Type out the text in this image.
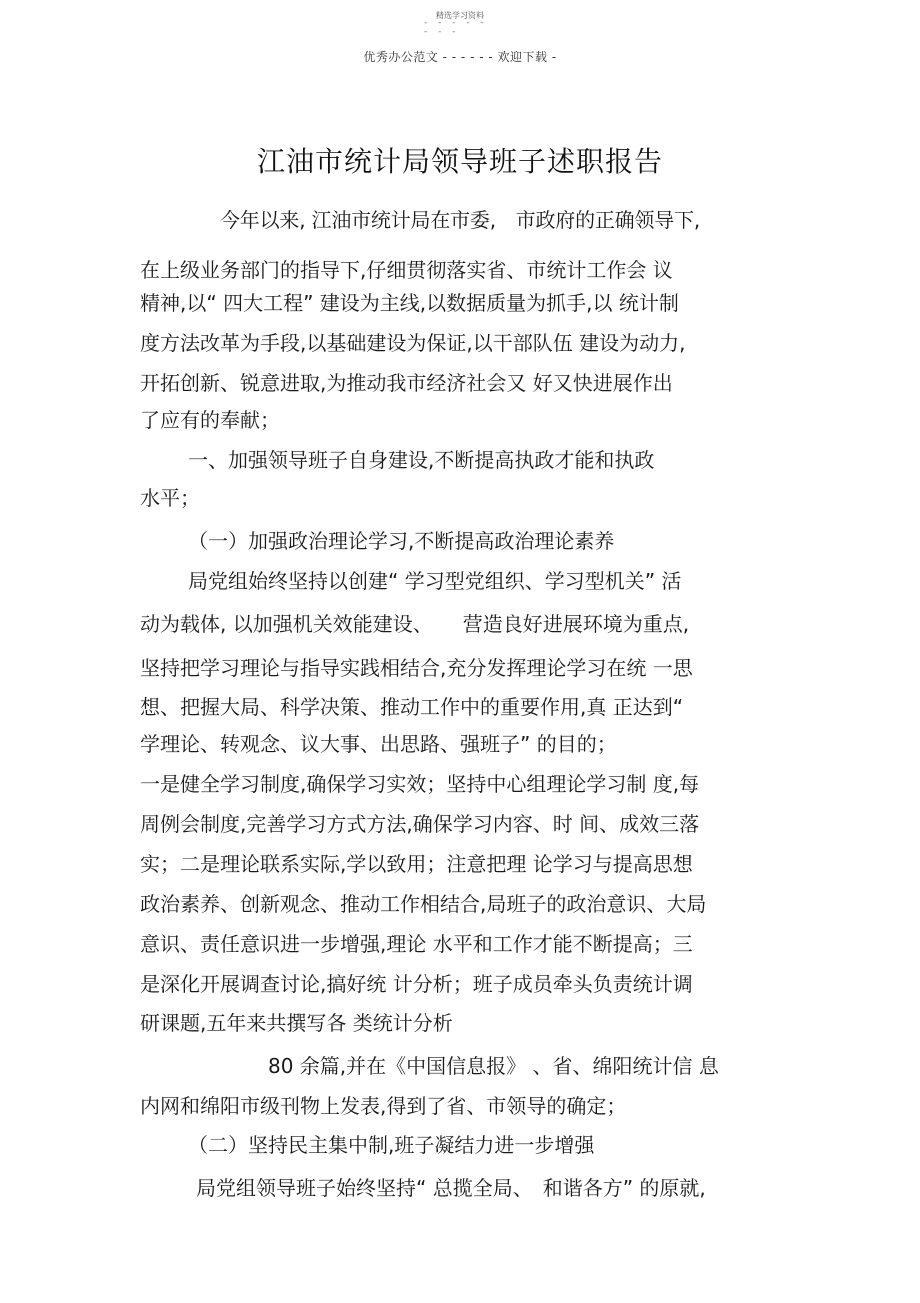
精选学习资料
- - - - -
- - -
优秀办公范文 - - - - - - 欢迎下载 -
江油市统计局领导班子述职报告
今年以来, 江油市统计局在市委,　市政府的正确领导下,
在上级业务部门的指导下,仔细贯彻落实省、市统计工作会 议
精神,以“ 四大工程” 建设为主线,以数据质量为抓手,以 统计制
度方法改革为手段,以基础建设为保证,以干部队伍 建设为动力,
开拓创新、锐意进取,为推动我市经济社会又 好又快进展作出
了应有的奉献；
一、加强领导班子自身建设,不断提高执政才能和执政
水平；
（一）加强政治理论学习,不断提高政治理论素养
局党组始终坚持以创建“ 学习型党组织、学习型机关” 活
动为载体, 以加强机关效能建设、　　营造良好进展环境为重点,
坚持把学习理论与指导实践相结合,充分发挥理论学习在统 一思
想、把握大局、科学决策、推动工作中的重要作用,真 正达到“
学理论、转观念、议大事、出思路、强班子” 的目的；
一是健全学习制度,确保学习实效；坚持中心组理论学习制 度,每
周例会制度,完善学习方式方法,确保学习内容、时 间、成效三落
实；二是理论联系实际,学以致用；注意把理 论学习与提高思想
政治素养、创新观念、推动工作相结合,局班子的政治意识、大局
意识、责任意识进一步增强,理论 水平和工作才能不断提高；三
是深化开展调查讨论,搞好统 计分析；班子成员牵头负责统计调
研课题,五年来共撰写各 类统计分析
80 余篇,并在《中国信息报》 、省、绵阳统计信 息
内网和绵阳市级刊物上发表,得到了省、市领导的确定；
（二）坚持民主集中制,班子凝结力进一步增强
局党组领导班子始终坚持“ 总揽全局、　和谐各方” 的原就,
